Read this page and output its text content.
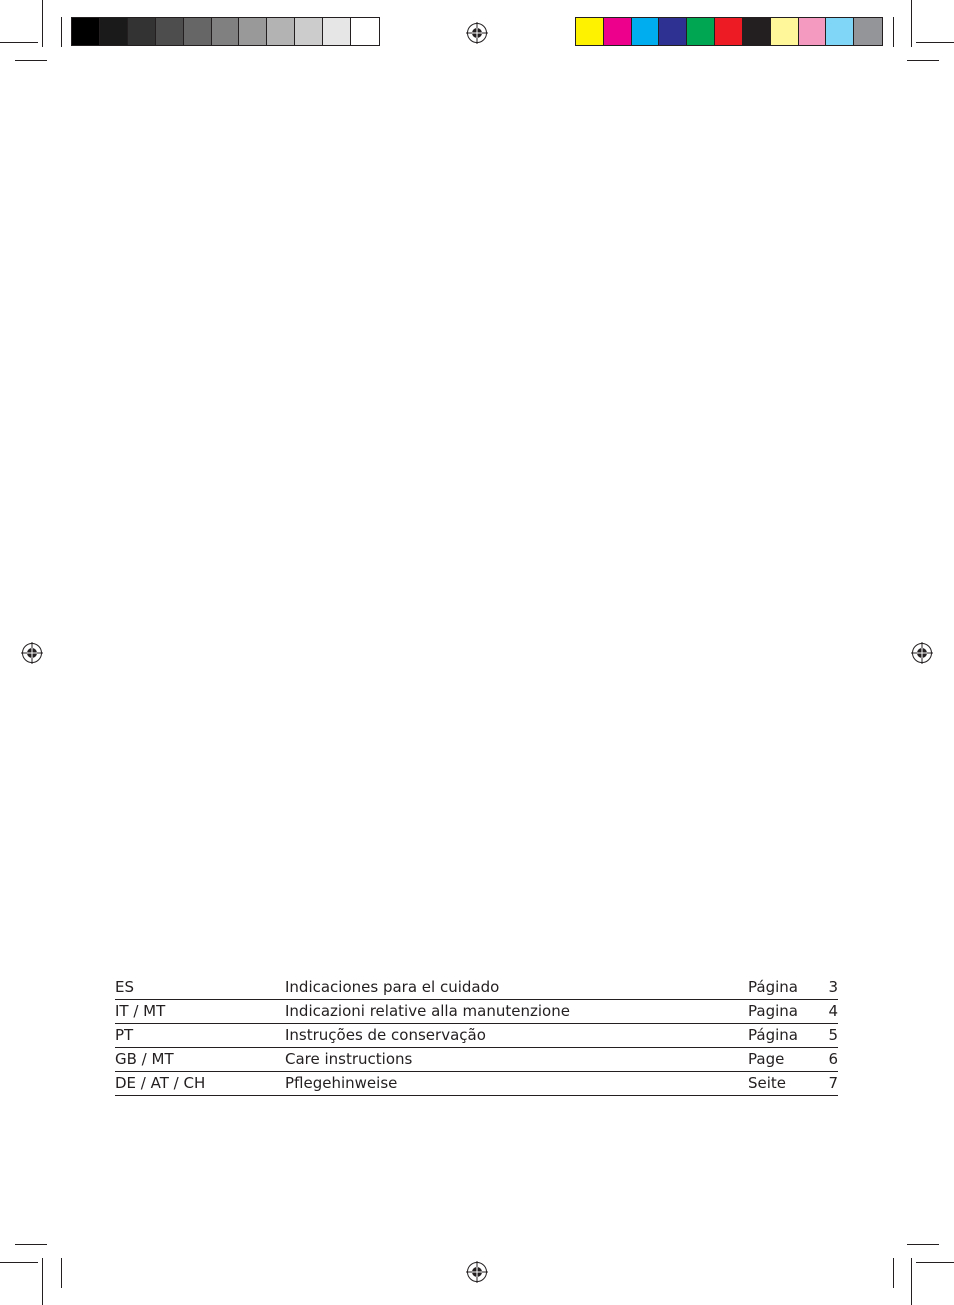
ES	Indicaciones para el cuidado	Página 3
IT / MT	Indicazioni relative alla manutenzione	Pagina 4
PT	Instruções de conservação	Página 5
GB / MT	Care instructions	Page	6
DE / AT / CH	Pflegehinweise	Seite	7
